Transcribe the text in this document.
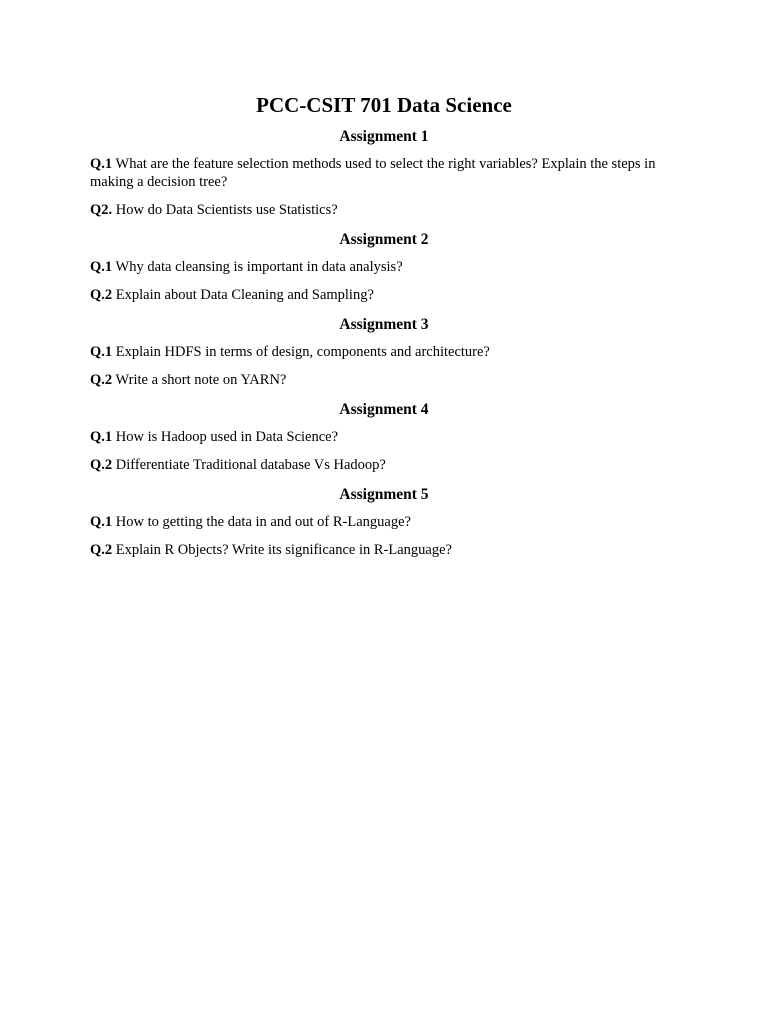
PCC-CSIT 701 Data Science
Assignment 1

Q.1 What are the feature selection methods used to select the right variables? Explain the steps in making a decision tree?

Q2. How do Data Scientists use Statistics?

Assignment 2

Q.1 Why data cleansing is important in data analysis?

Q.2 Explain about Data Cleaning and Sampling?

Assignment 3

Q.1 Explain HDFS in terms of design, components and architecture?

Q.2 Write a short note on YARN?

Assignment 4

Q.1 How is Hadoop used in Data Science?

Q.2 Differentiate Traditional database Vs Hadoop?

Assignment 5

Q.1 How to getting the data in and out of R-Language?

Q.2 Explain R Objects? Write its significance in R-Language?
